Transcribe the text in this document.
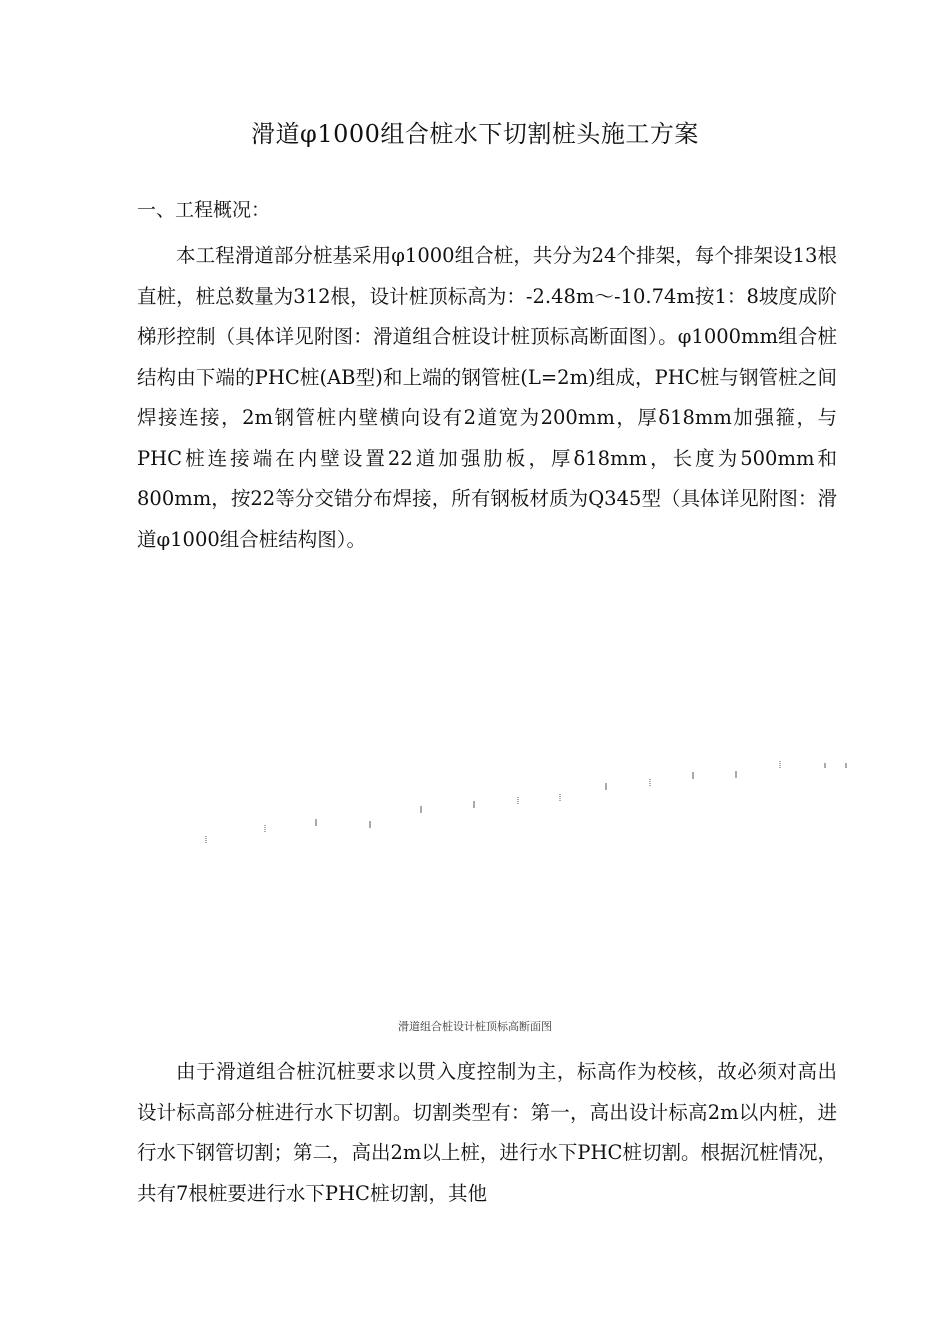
滑道φ1000组合桩水下切割桩头施工方案
一、工程概况：

本工程滑道部分桩基采用φ1000组合桩，共分为24个排架，每个排架设13根直桩，桩总数量为312根，设计桩顶标高为：-2.48m～-10.74m按1：8坡度成阶梯形控制（具体详见附图：滑道组合桩设计桩顶标高断面图）。φ1000mm组合桩结构由下端的PHC桩(AB型)和上端的钢管桩(L=2m)组成，PHC桩与钢管桩之间焊接连接，2m钢管桩内壁横向设有2道宽为200mm，厚δ18mm加强箍，与PHC桩连接端在内壁设置22道加强肋板，厚δ18mm，长度为500mm和800mm，按22等分交错分布焊接，所有钢板材质为Q345型（具体详见附图：滑道φ1000组合桩结构图）。

滑道组合桩设计桩顶标高断面图

由于滑道组合桩沉桩要求以贯入度控制为主，标高作为校核，故必须对高出设计标高部分桩进行水下切割。切割类型有：第一，高出设计标高2m以内桩，进行水下钢管切割；第二，高出2m以上桩，进行水下PHC桩切割。根据沉桩情况，共有7根桩要进行水下PHC桩切割，其他
